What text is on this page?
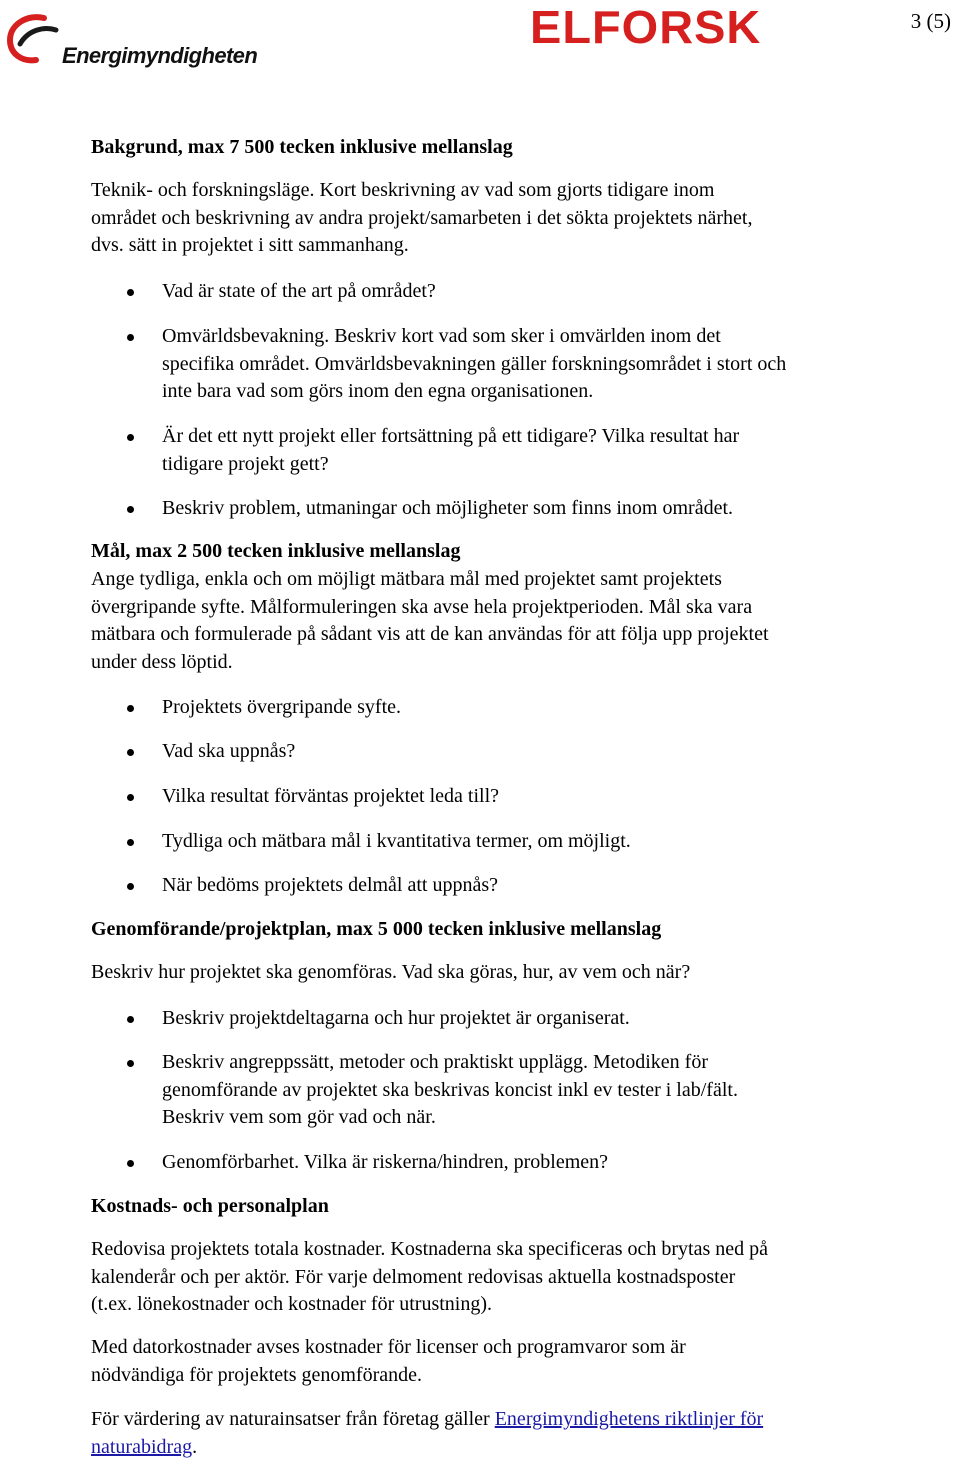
Energimyndigheten
ELFORSK	3 (5)
Bakgrund, max 7 500 tecken inklusive mellanslag
Teknik- och forskningsläge. Kort beskrivning av vad som gjorts tidigare inom
området och beskrivning av andra projekt/samarbeten i det sökta projektets närhet,
dvs. sätt in projektet i sitt sammanhang.
Vad är state of the art på området?
Omvärldsbevakning. Beskriv kort vad som sker i omvärlden inom det
specifika området. Omvärldsbevakningen gäller forskningsområdet i stort och
inte bara vad som görs inom den egna organisationen.
Är det ett nytt projekt eller fortsättning på ett tidigare? Vilka resultat har
tidigare projekt gett?
Beskriv problem, utmaningar och möjligheter som finns inom området.
Mål, max 2 500 tecken inklusive mellanslag
Ange tydliga, enkla och om möjligt mätbara mål med projektet samt projektets
övergripande syfte. Målformuleringen ska avse hela projektperioden. Mål ska vara
mätbara och formulerade på sådant vis att de kan användas för att följa upp projektet
under dess löptid.
Projektets övergripande syfte.
Vad ska uppnås?
Vilka resultat förväntas projektet leda till?
Tydliga och mätbara mål i kvantitativa termer, om möjligt.
När bedöms projektets delmål att uppnås?
Genomförande/projektplan, max 5 000 tecken inklusive mellanslag
Beskriv hur projektet ska genomföras. Vad ska göras, hur, av vem och när?
Beskriv projektdeltagarna och hur projektet är organiserat.
Beskriv angreppssätt, metoder och praktiskt upplägg. Metodiken för
genomförande av projektet ska beskrivas koncist inkl ev tester i lab/fält.
Beskriv vem som gör vad och när.
Genomförbarhet. Vilka är riskerna/hindren, problemen?
Kostnads- och personalplan
Redovisa projektets totala kostnader. Kostnaderna ska specificeras och brytas ned på
kalenderår och per aktör. För varje delmoment redovisas aktuella kostnadsposter
(t.ex. lönekostnader och kostnader för utrustning).
Med datorkostnader avses kostnader för licenser och programvaror som är
nödvändiga för projektets genomförande.
För värdering av naturainsatser från företag gäller Energimyndighetens riktlinjer för
naturabidrag.
